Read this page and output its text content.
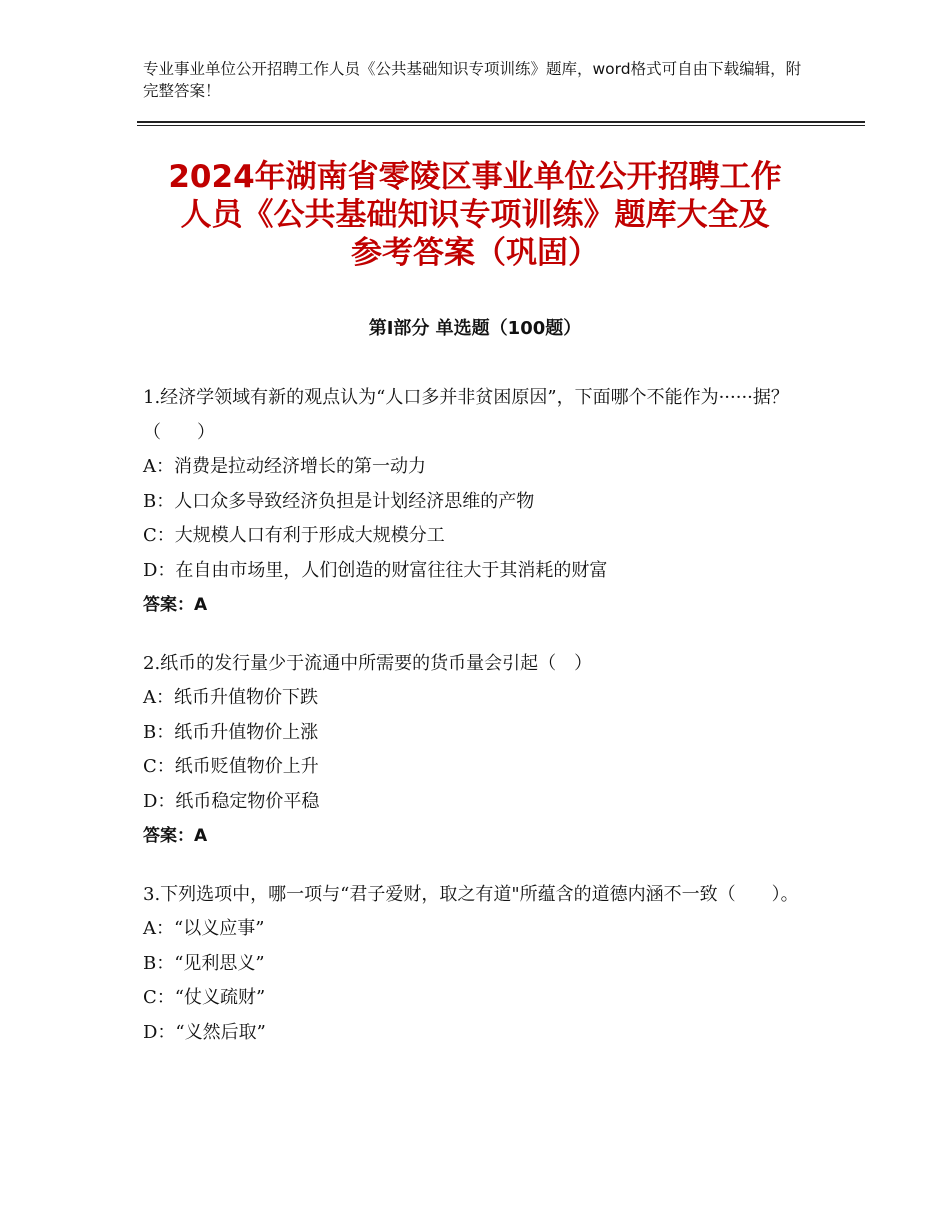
专业事业单位公开招聘工作人员《公共基础知识专项训练》题库，word格式可自由下载编辑，附完整答案！
2024年湖南省零陵区事业单位公开招聘工作
人员《公共基础知识专项训练》题库大全及
参考答案（巩固）
第Ⅰ部分 单选题（100题）
1.经济学领域有新的观点认为“人口多并非贫困原因”，下面哪个不能作为······据？（　　）
A：消费是拉动经济增长的第一动力
B：人口众多导致经济负担是计划经济思维的产物
C：大规模人口有利于形成大规模分工
D：在自由市场里，人们创造的财富往往大于其消耗的财富
答案：A
2.纸币的发行量少于流通中所需要的货币量会引起（　）
A：纸币升值物价下跌
B：纸币升值物价上涨
C：纸币贬值物价上升
D：纸币稳定物价平稳
答案：A
3.下列选项中，哪一项与“君子爱财，取之有道"所蕴含的道德内涵不一致（　　）。
A：“以义应事”
B：“见利思义”
C：“仗义疏财”
D：“义然后取”
